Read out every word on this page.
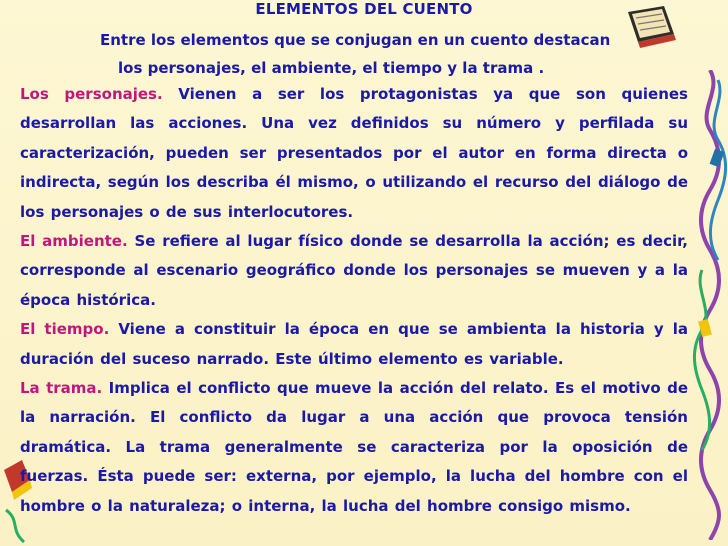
ELEMENTOS DEL CUENTO
Entre los elementos que se conjugan en un cuento destacan
los personajes, el ambiente, el tiempo y la trama .

Los personajes. Vienen a ser los protagonistas ya que son quienes desarrollan las acciones. Una vez definidos su número y perfilada su caracterización, pueden ser presentados por el autor en forma directa o indirecta, según los describa él mismo, o utilizando el recurso del diálogo de los personajes o de sus interlocutores.

El ambiente. Se refiere al lugar físico donde se desarrolla la acción; es decir, corresponde al escenario geográfico donde los personajes se mueven y a la época histórica.

El tiempo. Viene a constituir la época en que se ambienta la historia y la duración del suceso narrado. Este último elemento es variable.

La trama. Implica el conflicto que mueve la acción del relato. Es el motivo de la narración. El conflicto da lugar a una acción que provoca tensión dramática. La trama generalmente se caracteriza por la oposición de fuerzas. Ésta puede ser: externa, por ejemplo, la lucha del hombre con el hombre o la naturaleza; o interna, la lucha del hombre consigo mismo.
